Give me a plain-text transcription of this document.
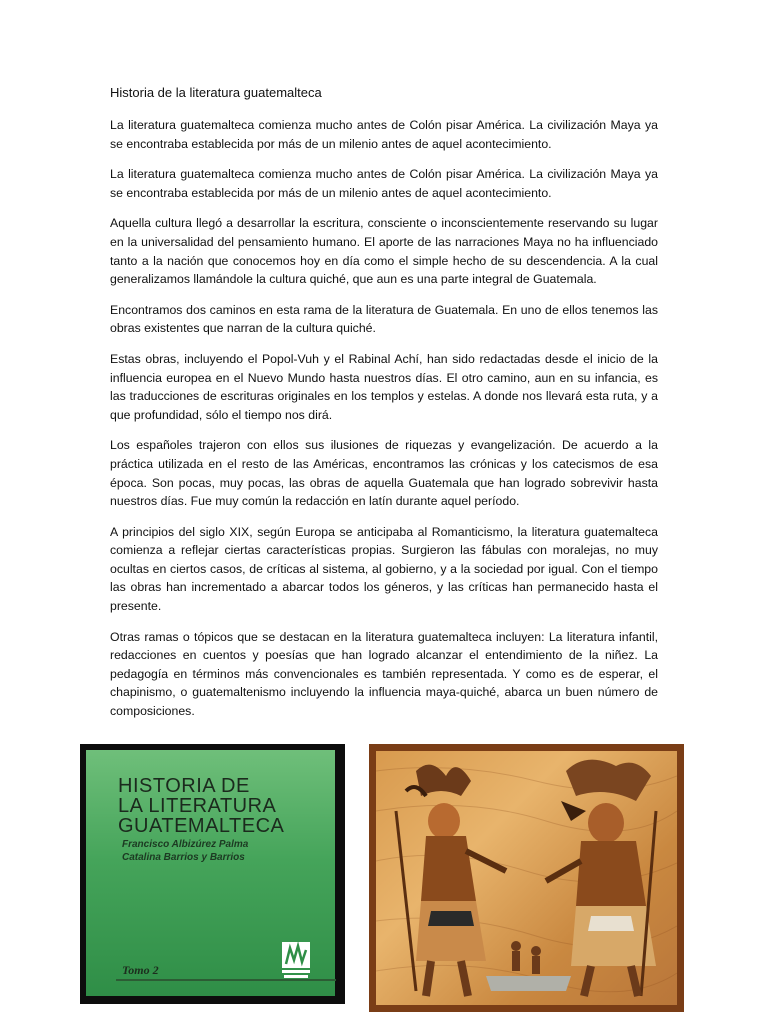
Historia de la literatura guatemalteca

La literatura guatemalteca comienza mucho antes de Colón pisar América. La civilización Maya ya se encontraba establecida por más de un milenio antes de aquel acontecimiento.

La literatura guatemalteca comienza mucho antes de Colón pisar América. La civilización Maya ya se encontraba establecida por más de un milenio antes de aquel acontecimiento.

Aquella cultura llegó a desarrollar la escritura, consciente o inconscientemente reservando su lugar en la universalidad del pensamiento humano. El aporte de las narraciones Maya no ha influenciado tanto a la nación que conocemos hoy en día como el simple hecho de su descendencia. A la cual generalizamos llamándole la cultura quiché, que aun es una parte integral de Guatemala.

Encontramos dos caminos en esta rama de la literatura de Guatemala. En uno de ellos tenemos las obras existentes que narran de la cultura quiché.

Estas obras, incluyendo el Popol-Vuh y el Rabinal Achí, han sido redactadas desde el inicio de la influencia europea en el Nuevo Mundo hasta nuestros días. El otro camino, aun en su infancia, es las traducciones de escrituras originales en los templos y estelas. A donde nos llevará esta ruta, y a que profundidad, sólo el tiempo nos dirá.

Los españoles trajeron con ellos sus ilusiones de riquezas y evangelización. De acuerdo a la práctica utilizada en el resto de las Américas, encontramos las crónicas y los catecismos de esa época. Son pocas, muy pocas, las obras de aquella Guatemala que han logrado sobrevivir hasta nuestros días. Fue muy común la redacción en latín durante aquel período.

A principios del siglo XIX, según Europa se anticipaba al Romanticismo, la literatura guatemalteca comienza a reflejar ciertas características propias. Surgieron las fábulas con moralejas, no muy ocultas en ciertos casos, de críticas al sistema, al gobierno, y a la sociedad por igual. Con el tiempo las obras han incrementado a abarcar todos los géneros, y las críticas han permanecido hasta el presente.

Otras ramas o tópicos que se destacan en la literatura guatemalteca incluyen: La literatura infantil, redacciones en cuentos y poesías que han logrado alcanzar el entendimiento de la niñez. La pedagogía en términos más convencionales es también representada. Y como es de esperar, el chapinismo, o guatemaltenismo incluyendo la influencia maya-quiché, abarca un buen número de composiciones.

HISTORIA DE
LA LITERATURA
GUATEMALTECA
Francisco Albizúrez Palma
Catalina Barrios y Barrios
Tomo 2
